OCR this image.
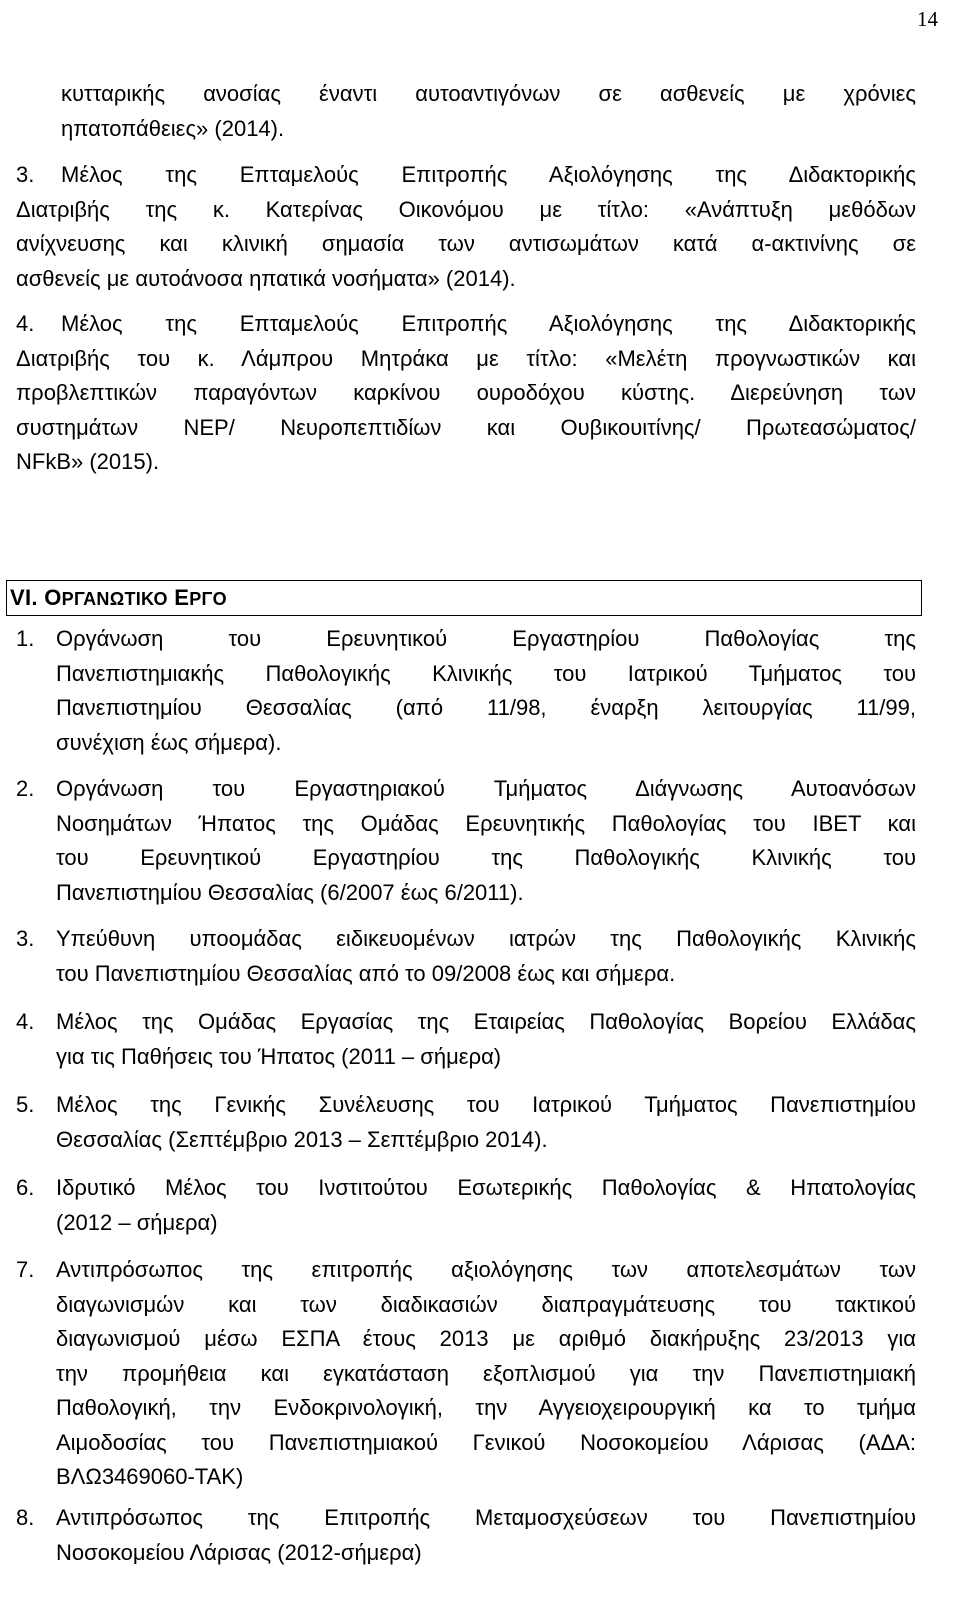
14
κυτταρικής ανοσίας έναντι αυτοαντιγόνων σε ασθενείς με χρόνιες
ηπατοπάθειες» (2014).
3.	Μέλος της Επταμελούς Επιτροπής Αξιολόγησης της Διδακτορικής
Διατριβής της κ. Κατερίνας Οικονόμου με τίτλο: «Ανάπτυξη μεθόδων
ανίχνευσης και κλινική σημασία των αντισωμάτων κατά α-ακτινίνης σε
ασθενείς με αυτοάνοσα ηπατικά νοσήματα» (2014).
4.	Μέλος της Επταμελούς Επιτροπής Αξιολόγησης της Διδακτορικής
Διατριβής του κ. Λάμπρου Μητράκα με τίτλο: «Μελέτη προγνωστικών και
προβλεπτικών παραγόντων καρκίνου ουροδόχου κύστης. Διερεύνηση των
συστημάτων NEP/ Νευροπεπτιδίων και Ουβικουιτίνης/ Πρωτεασώματος/
NFkB» (2015).
VI. ΟΡΓΑΝΩΤΙΚΟ ΕΡΓΟ
1. Οργάνωση του Ερευνητικού Εργαστηρίου Παθολογίας της
Πανεπιστημιακής Παθολογικής Κλινικής του Ιατρικού Τμήματος του
Πανεπιστημίου Θεσσαλίας (από 11/98, έναρξη λειτουργίας 11/99,
συνέχιση έως σήμερα).
2. Οργάνωση του Εργαστηριακού Τμήματος Διάγνωσης Αυτοανόσων
Νοσημάτων Ήπατος της Ομάδας Ερευνητικής Παθολογίας του ΙΒΕΤ και
του Ερευνητικού Εργαστηρίου της Παθολογικής Κλινικής του
Πανεπιστημίου Θεσσαλίας (6/2007 έως 6/2011).
3. Υπεύθυνη υποομάδας ειδικευομένων ιατρών της Παθολογικής Κλινικής
του Πανεπιστημίου Θεσσαλίας από το 09/2008 έως και σήμερα.
4. Μέλος της Ομάδας Εργασίας της Εταιρείας Παθολογίας Βορείου Ελλάδας
για τις Παθήσεις του Ήπατος (2011 – σήμερα)
5. Μέλος της Γενικής Συνέλευσης του Ιατρικού Τμήματος Πανεπιστημίου
Θεσσαλίας (Σεπτέμβριο 2013 – Σεπτέμβριο 2014).
6. Ιδρυτικό Μέλος του Ινστιτούτου Εσωτερικής Παθολογίας & Ηπατολογίας
(2012 – σήμερα)
7. Αντιπρόσωπος της επιτροπής αξιολόγησης των αποτελεσμάτων των
διαγωνισμών και των διαδικασιών διαπραγμάτευσης του τακτικού
διαγωνισμού μέσω ΕΣΠΑ έτους 2013 με αριθμό διακήρυξης 23/2013 για
την προμήθεια και εγκατάσταση εξοπλισμού για την Πανεπιστημιακή
Παθολογική, την Ενδοκρινολογική, την Αγγειοχειρουργική κα το τμήμα
Αιμοδοσίας του Πανεπιστημιακού Γενικού Νοσοκομείου Λάρισας (ΑΔΑ:
ΒΛΩ3469060-ΤΑΚ)
8. Αντιπρόσωπος της Επιτροπής Μεταμοσχεύσεων του Πανεπιστημίου
Νοσοκομείου Λάρισας (2012-σήμερα)
